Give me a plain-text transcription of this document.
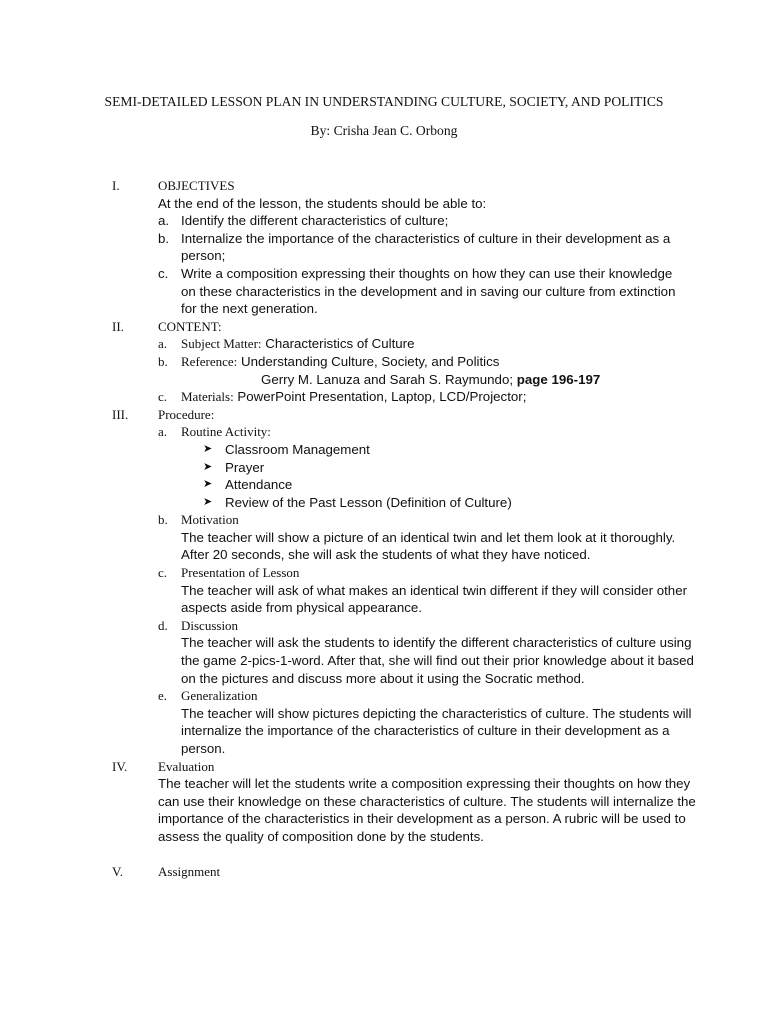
SEMI-DETAILED LESSON PLAN IN UNDERSTANDING CULTURE, SOCIETY, AND POLITICS
By: Crisha Jean C. Orbong
I.	OBJECTIVES
At the end of the lesson, the students should be able to:
a. Identify the different characteristics of culture;
b. Internalize the importance of the characteristics of culture in their development as a person;
c. Write a composition expressing their thoughts on how they can use their knowledge on these characteristics in the development and in saving our culture from extinction for the next generation.
II.	CONTENT:
a. Subject Matter: Characteristics of Culture
b. Reference: Understanding Culture, Society, and Politics
Gerry M. Lanuza and Sarah S. Raymundo; page 196-197
c. Materials: PowerPoint Presentation, Laptop, LCD/Projector;
III. Procedure:
a. Routine Activity:
➤ Classroom Management
➤ Prayer
➤ Attendance
➤ Review of the Past Lesson (Definition of Culture)
b. Motivation
The teacher will show a picture of an identical twin and let them look at it thoroughly. After 20 seconds, she will ask the students of what they have noticed.
c. Presentation of Lesson
The teacher will ask of what makes an identical twin different if they will consider other aspects aside from physical appearance.
d. Discussion
The teacher will ask the students to identify the different characteristics of culture using the game 2-pics-1-word. After that, she will find out their prior knowledge about it based on the pictures and discuss more about it using the Socratic method.
e. Generalization
The teacher will show pictures depicting the characteristics of culture. The students will internalize the importance of the characteristics of culture in their development as a person.
IV. Evaluation
The teacher will let the students write a composition expressing their thoughts on how they can use their knowledge on these characteristics of culture. The students will internalize the importance of the characteristics in their development as a person. A rubric will be used to assess the quality of composition done by the students.
V.	Assignment
